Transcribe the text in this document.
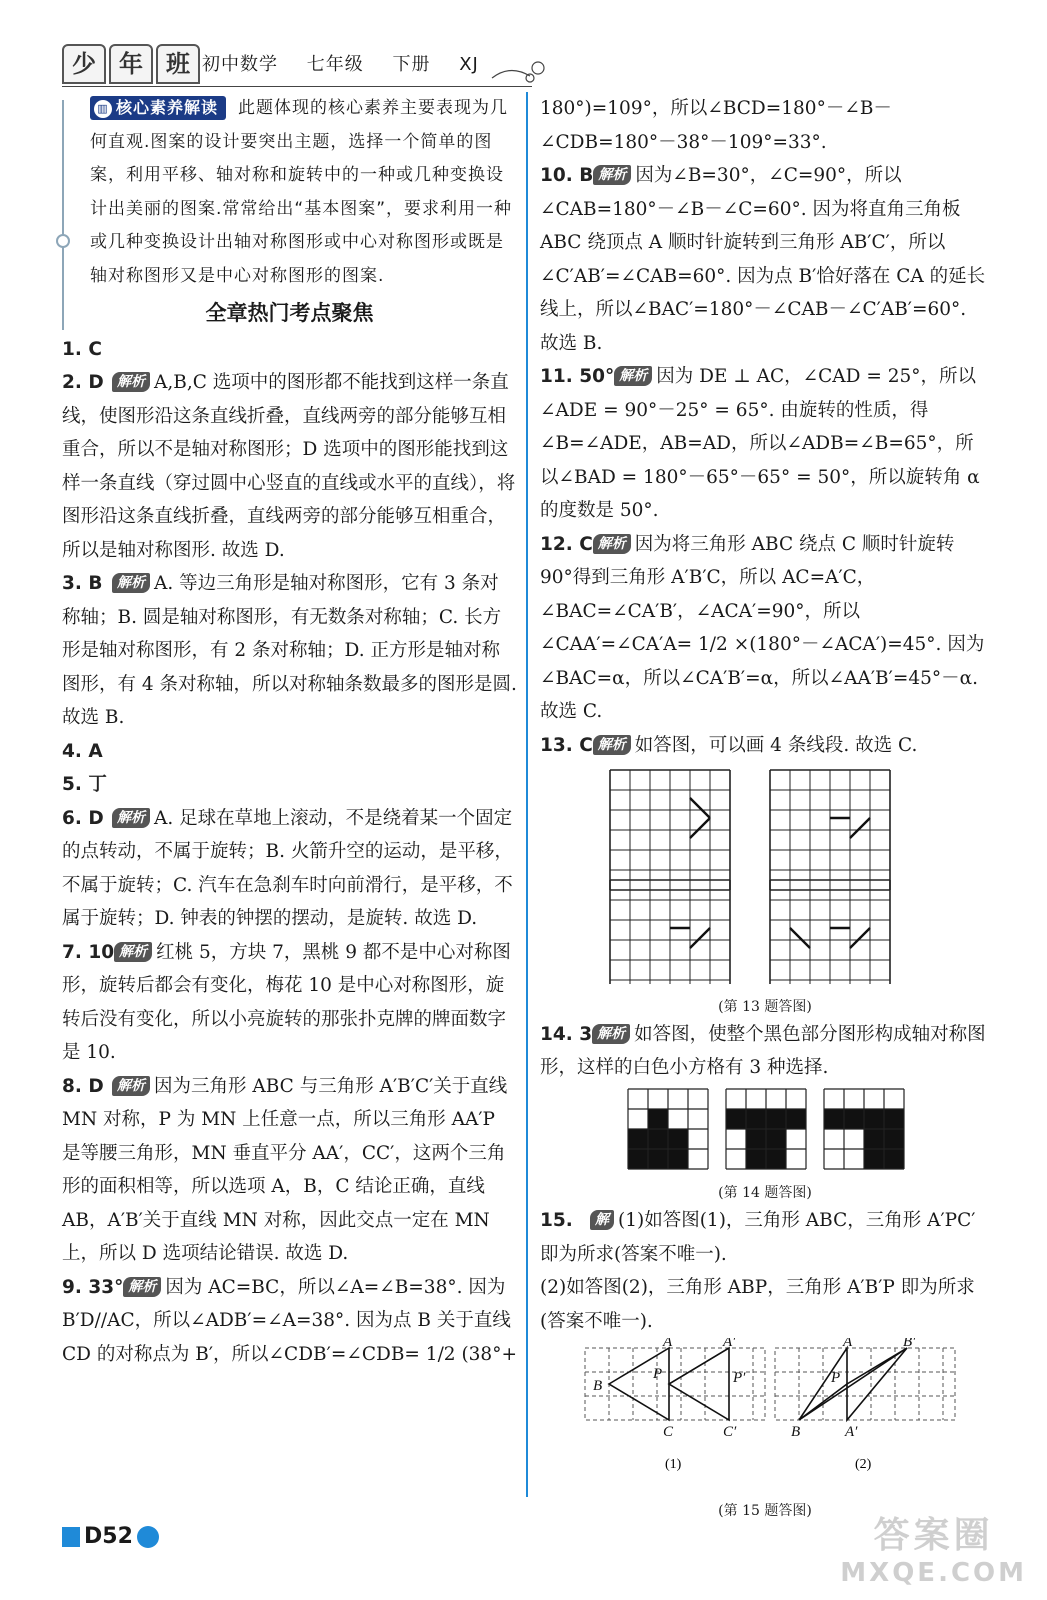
少 年 班 初中数学 七年级 下册 XJ
▥ 核心素养解读 此题体现的核心素养主要表现为几何直观.图案的设计要突出主题，选择一个简单的图案，利用平移、轴对称和旋转中的一种或几种变换设计出美丽的图案.常常给出“基本图案”，要求利用一种或几种变换设计出轴对称图形或中心对称图形或既是轴对称图形又是中心对称图形的图案.
全章热门考点聚焦
1. C
2. D 解析 A,B,C 选项中的图形都不能找到这样一条直线，使图形沿这条直线折叠，直线两旁的部分能够互相重合，所以不是轴对称图形；D 选项中的图形能找到这样一条直线（穿过圆中心竖直的直线或水平的直线），将图形沿这条直线折叠，直线两旁的部分能够互相重合，所以是轴对称图形. 故选 D.
3. B 解析 A. 等边三角形是轴对称图形，它有 3 条对称轴；B. 圆是轴对称图形，有无数条对称轴；C. 长方形是轴对称图形，有 2 条对称轴；D. 正方形是轴对称图形，有 4 条对称轴，所以对称轴条数最多的图形是圆. 故选 B.
4. A
5. 丁
6. D 解析 A. 足球在草地上滚动，不是绕着某一个固定的点转动，不属于旋转；B. 火箭升空的运动，是平移，不属于旋转；C. 汽车在急刹车时向前滑行，是平移，不属于旋转；D. 钟表的钟摆的摆动，是旋转. 故选 D.
7. 10 解析 红桃 5，方块 7，黑桃 9 都不是中心对称图形，旋转后都会有变化，梅花 10 是中心对称图形，旋转后没有变化，所以小亮旋转的那张扑克牌的牌面数字是 10.
8. D 解析 因为三角形 ABC 与三角形 A′B′C′关于直线 MN 对称，P 为 MN 上任意一点，所以三角形 AA′P 是等腰三角形，MN 垂直平分 AA′，CC′，这两个三角形的面积相等，所以选项 A，B，C 结论正确，直线 AB，A′B′关于直线 MN 对称，因此交点一定在 MN 上，所以 D 选项结论错误. 故选 D.
9. 33° 解析 因为 AC=BC，所以∠A=∠B=38°. 因为 B′D//AC，所以∠ADB′=∠A=38°. 因为点 B 关于直线 CD 的对称点为 B′，所以∠CDB′=∠CDB= 1/2 (38°+
180°)=109°，所以∠BCD=180°－∠B－∠CDB=180°－38°－109°=33°.
10. B 解析 因为∠B=30°，∠C=90°，所以∠CAB=180°－∠B－∠C=60°. 因为将直角三角板 ABC 绕顶点 A 顺时针旋转到三角形 AB′C′，所以∠C′AB′=∠CAB=60°. 因为点 B′恰好落在 CA 的延长线上，所以∠BAC′=180°－∠CAB－∠C′AB′=60°. 故选 B.
11. 50° 解析 因为 DE ⊥ AC，∠CAD = 25°，所以∠ADE = 90°－25° = 65°. 由旋转的性质，得∠B=∠ADE，AB=AD，所以∠ADB=∠B=65°，所以∠BAD = 180°－65°－65° = 50°，所以旋转角 α 的度数是 50°.
12. C 解析 因为将三角形 ABC 绕点 C 顺时针旋转 90°得到三角形 A′B′C，所以 AC=A′C，∠BAC=∠CA′B′，∠ACA′=90°，所以∠CAA′=∠CA′A= 1/2 ×(180°－∠ACA′)=45°. 因为∠BAC=α，所以∠CA′B′=α，所以∠AA′B′=45°－α. 故选 C.
13. C 解析 如答图，可以画 4 条线段. 故选 C.
(第 13 题答图)
14. 3 解析 如答图，使整个黑色部分图形构成轴对称图形，这样的白色小方格有 3 种选择.
(第 14 题答图)
15. 解 (1)如答图(1)，三角形 ABC，三角形 A′PC′即为所求(答案不唯一).
(2)如答图(2)，三角形 ABP，三角形 A′B′P 即为所求(答案不唯一).
A	A′
P	P′
B
C	C′
A	B′
P
B	A′
(1)	(2)
(第 15 题答图)
D52	答案圈
MXQE.COM
